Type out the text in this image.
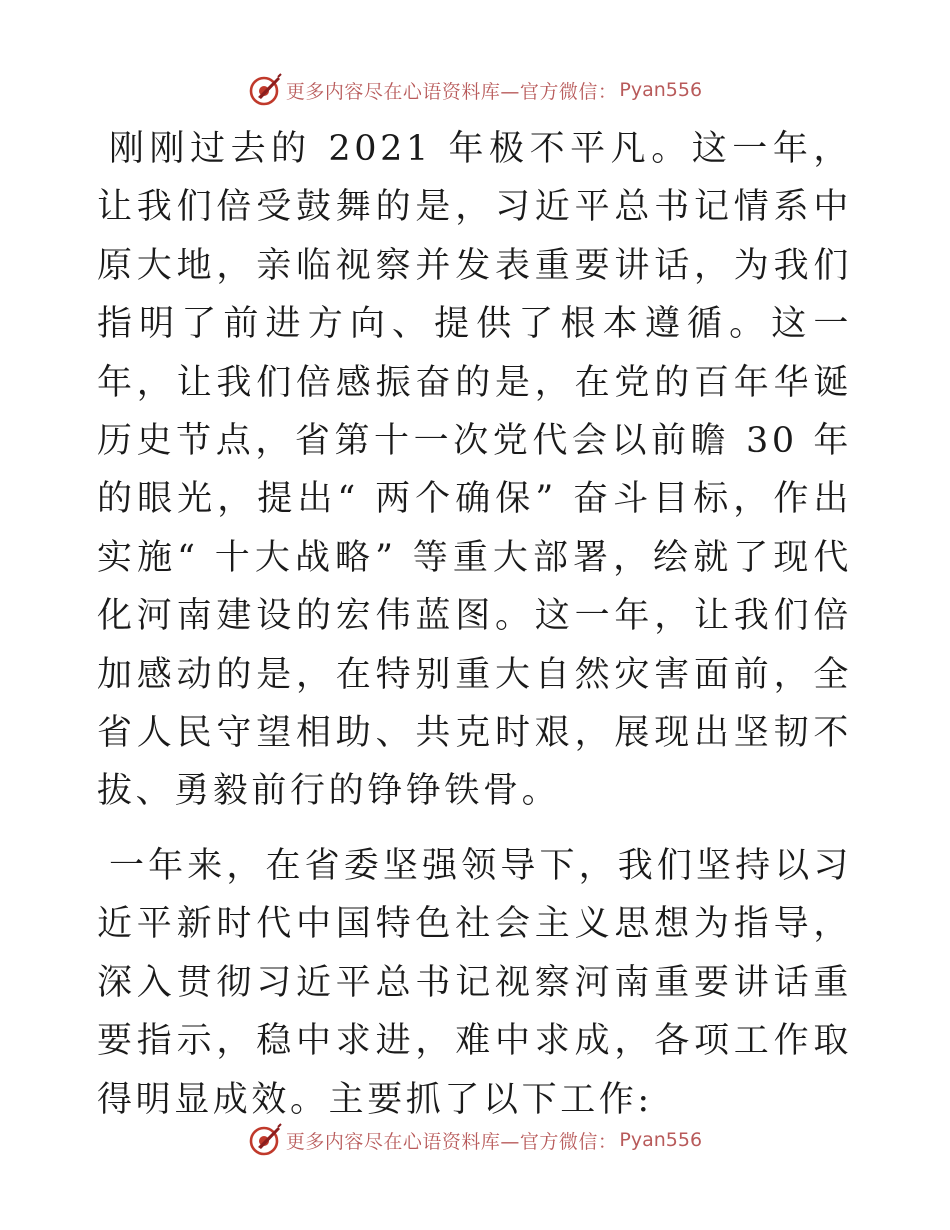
更多内容尽在心语资料库—官方微信： Pyan556

刚刚过去的 2021 年极不平凡。这一年，让我们倍受鼓舞的是，习近平总书记情系中原大地，亲临视察并发表重要讲话，为我们指明了前进方向、提供了根本遵循。这一年，让我们倍感振奋的是，在党的百年华诞历史节点，省第十一次党代会以前瞻 30 年的眼光，提出“ 两个确保” 奋斗目标，作出实施“ 十大战略” 等重大部署，绘就了现代化河南建设的宏伟蓝图。这一年，让我们倍加感动的是，在特别重大自然灾害面前，全省人民守望相助、共克时艰，展现出坚韧不拔、勇毅前行的铮铮铁骨。

一年来，在省委坚强领导下，我们坚持以习近平新时代中国特色社会主义思想为指导，深入贯彻习近平总书记视察河南重要讲话重要指示，稳中求进，难中求成，各项工作取得明显成效。主要抓了以下工作:

更多内容尽在心语资料库—官方微信： Pyan556
